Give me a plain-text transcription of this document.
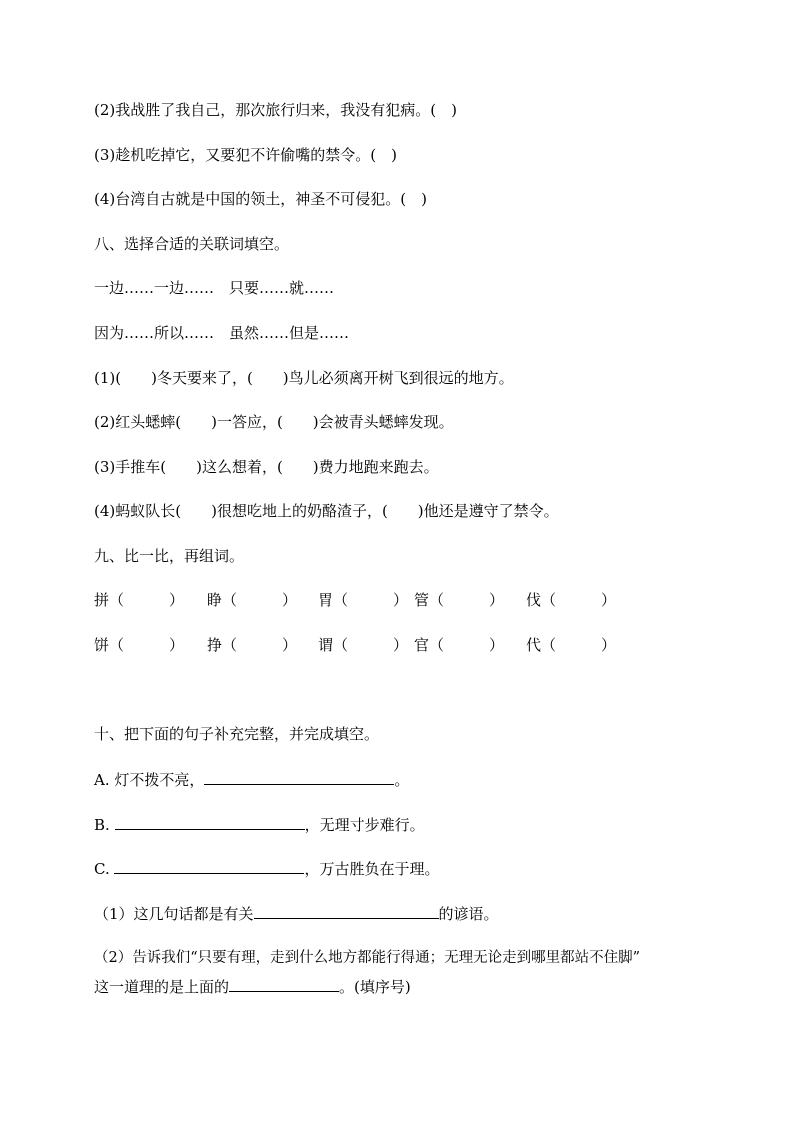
(2)我战胜了我自己，那次旅行归来，我没有犯病。(　)
(3)趁机吃掉它，又要犯不许偷嘴的禁令。(　)
(4)台湾自古就是中国的领土，神圣不可侵犯。(　)
八、选择合适的关联词填空。
一边……一边……　只要……就……
因为……所以……　虽然……但是……
(1)(　　)冬天要来了，(　　)鸟儿必须离开树飞到很远的地方。
(2)红头蟋蟀(　　)一答应，(　　)会被青头蟋蟀发现。
(3)手推车(　　)这么想着，(　　)费力地跑来跑去。
(4)蚂蚁队长(　　)很想吃地上的奶酪渣子，(　　)他还是遵守了禁令。
九、比一比，再组词。
拼（　　　） 睁（　　　） 胃（　　　） 管（　　　） 伐（　　　）
饼（　　　） 挣（　　　） 谓（　　　） 官（　　　） 代（　　　）
十、把下面的句子补充完整，并完成填空。
A. 灯不拨不亮，	。
B.	，无理寸步难行。
C.	，万古胜负在于理。
（1）这几句话都是有关	的谚语。
（2）告诉我们“只要有理，走到什么地方都能行得通；无理无论走到哪里都站不住脚”
这一道理的是上面的	。(填序号)
